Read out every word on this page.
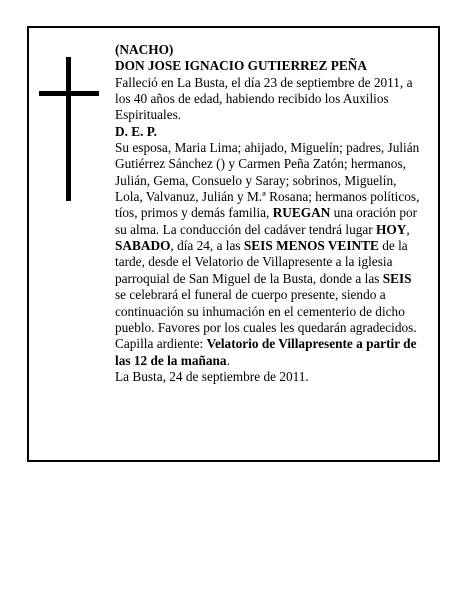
(NACHO)

DON JOSE IGNACIO GUTIERREZ PEÑA

Falleció en La Busta, el día 23 de septiembre de 2011, a los 40 años de edad, habiendo recibido los Auxilios Espirituales.

D. E. P.

Su esposa, Maria Lima; ahijado, Miguelín; padres, Julián Gutiérrez Sánchez () y Carmen Peña Zatón; hermanos, Julián, Gema, Consuelo y Saray; sobrinos, Miguelín, Lola, Valvanuz, Julián y M.ª Rosana; hermanos políticos, tíos, primos y demás familia, RUEGAN una oración por su alma. La conducción del cadáver tendrá lugar HOY, SABADO, día 24, a las SEIS MENOS VEINTE de la tarde, desde el Velatorio de Villapresente a la iglesia parroquial de San Miguel de la Busta, donde a las SEIS se celebrará el funeral de cuerpo presente, siendo a continuación su inhumación en el cementerio de dicho pueblo. Favores por los cuales les quedarán agradecidos.

Capilla ardiente: Velatorio de Villapresente a partir de las 12 de la mañana.

La Busta, 24 de septiembre de 2011.
